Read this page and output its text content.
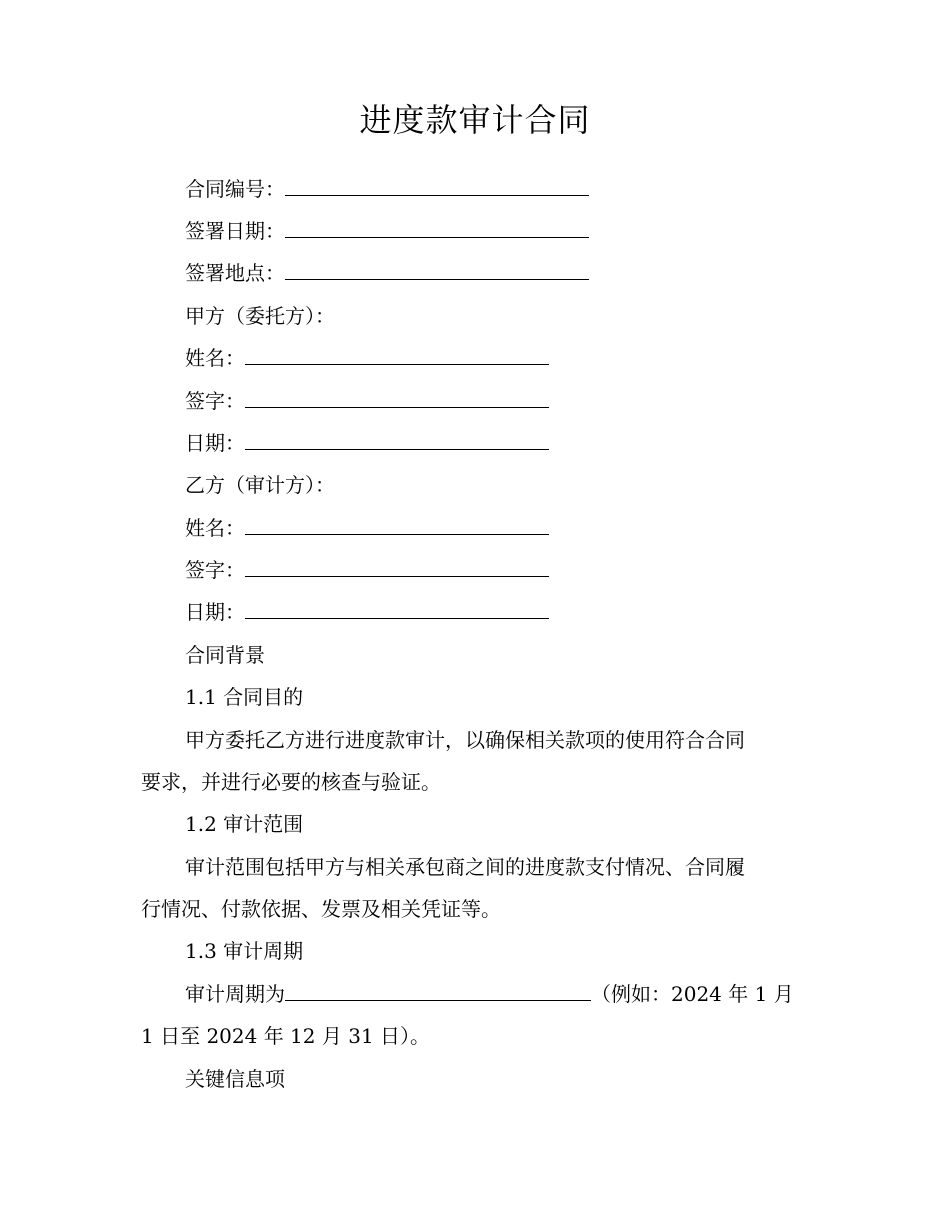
进度款审计合同
合同编号：
签署日期：
签署地点：
甲方（委托方）：
姓名：
签字：
日期：
乙方（审计方）：
姓名：
签字：
日期：
合同背景
1.1 合同目的
甲方委托乙方进行进度款审计，以确保相关款项的使用符合合同
要求，并进行必要的核查与验证。
1.2 审计范围
审计范围包括甲方与相关承包商之间的进度款支付情况、合同履
行情况、付款依据、发票及相关凭证等。
1.3 审计周期
审计周期为	（例如：2024 年 1 月
1 日至 2024 年 12 月 31 日）。
关键信息项
